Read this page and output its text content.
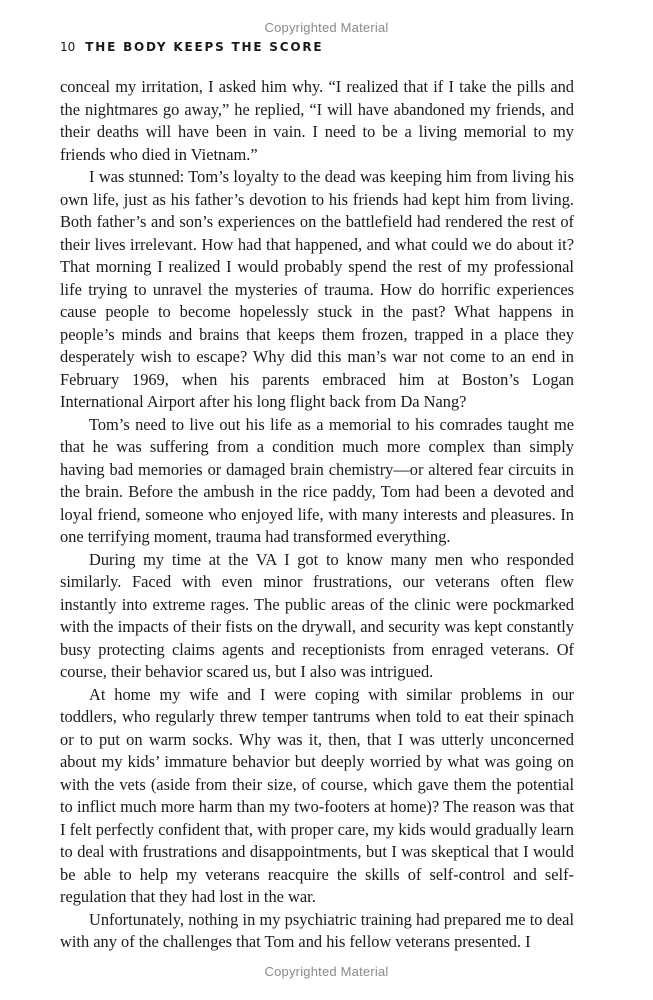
Copyrighted Material
10 THE BODY KEEPS THE SCORE

conceal my irritation, I asked him why. “I realized that if I take the pills and the nightmares go away,” he replied, “I will have abandoned my friends, and their deaths will have been in vain. I need to be a living memorial to my friends who died in Vietnam.”

I was stunned: Tom’s loyalty to the dead was keeping him from living his own life, just as his father’s devotion to his friends had kept him from living. Both father’s and son’s experiences on the battlefield had rendered the rest of their lives irrelevant. How had that happened, and what could we do about it? That morning I realized I would probably spend the rest of my professional life trying to unravel the mysteries of trauma. How do horrific experiences cause people to become hopelessly stuck in the past? What happens in people’s minds and brains that keeps them frozen, trapped in a place they desperately wish to escape? Why did this man’s war not come to an end in February 1969, when his parents embraced him at Boston’s Logan International Airport after his long flight back from Da Nang?

Tom’s need to live out his life as a memorial to his comrades taught me that he was suffering from a condition much more complex than simply having bad memories or damaged brain chemistry—or altered fear circuits in the brain. Before the ambush in the rice paddy, Tom had been a devoted and loyal friend, someone who enjoyed life, with many interests and pleasures. In one terrifying moment, trauma had transformed everything.

During my time at the VA I got to know many men who responded similarly. Faced with even minor frustrations, our veterans often flew instantly into extreme rages. The public areas of the clinic were pockmarked with the impacts of their fists on the drywall, and security was kept constantly busy protecting claims agents and receptionists from enraged veterans. Of course, their behavior scared us, but I also was intrigued.

At home my wife and I were coping with similar problems in our toddlers, who regularly threw temper tantrums when told to eat their spinach or to put on warm socks. Why was it, then, that I was utterly unconcerned about my kids’ immature behavior but deeply worried by what was going on with the vets (aside from their size, of course, which gave them the potential to inflict much more harm than my two-footers at home)? The reason was that I felt perfectly confident that, with proper care, my kids would gradually learn to deal with frustrations and disappointments, but I was skeptical that I would be able to help my veterans reacquire the skills of self-control and self-regulation that they had lost in the war.

Unfortunately, nothing in my psychiatric training had prepared me to deal with any of the challenges that Tom and his fellow veterans presented. I

Copyrighted Material
